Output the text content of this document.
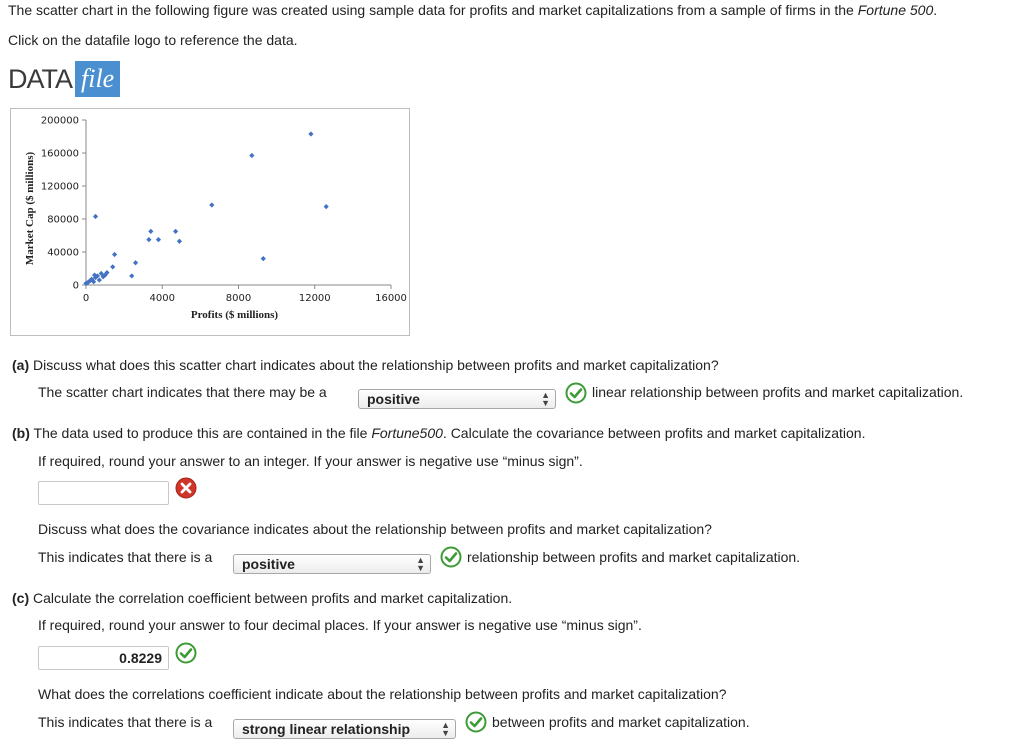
The scatter chart in the following figure was created using sample data for profits and market capitalizations from a sample of firms in the Fortune 500.
Click on the datafile logo to reference the data.
DATA file
0
40000
80000
120000
160000
200000
0	4000	8000	12000	16000
Profits ($ millions)
Market Cap ($ millions)
(a) Discuss what does this scatter chart indicates about the relationship between profits and market capitalization?
The scatter chart indicates that there may be a	positive	▲
▼
linear relationship between profits and market capitalization.
(b) The data used to produce this are contained in the file Fortune500. Calculate the covariance between profits and market capitalization.
If required, round your answer to an integer. If your answer is negative use “minus sign”.
Discuss what does the covariance indicates about the relationship between profits and market capitalization?
This indicates that there is a	positive	▲
▼
relationship between profits and market capitalization.
(c) Calculate the correlation coefficient between profits and market capitalization.
If required, round your answer to four decimal places. If your answer is negative use “minus sign”.
0.8229
What does the correlations coefficient indicate about the relationship between profits and market capitalization?
This indicates that there is a	strong linear relationship	▲
▼
between profits and market capitalization.
